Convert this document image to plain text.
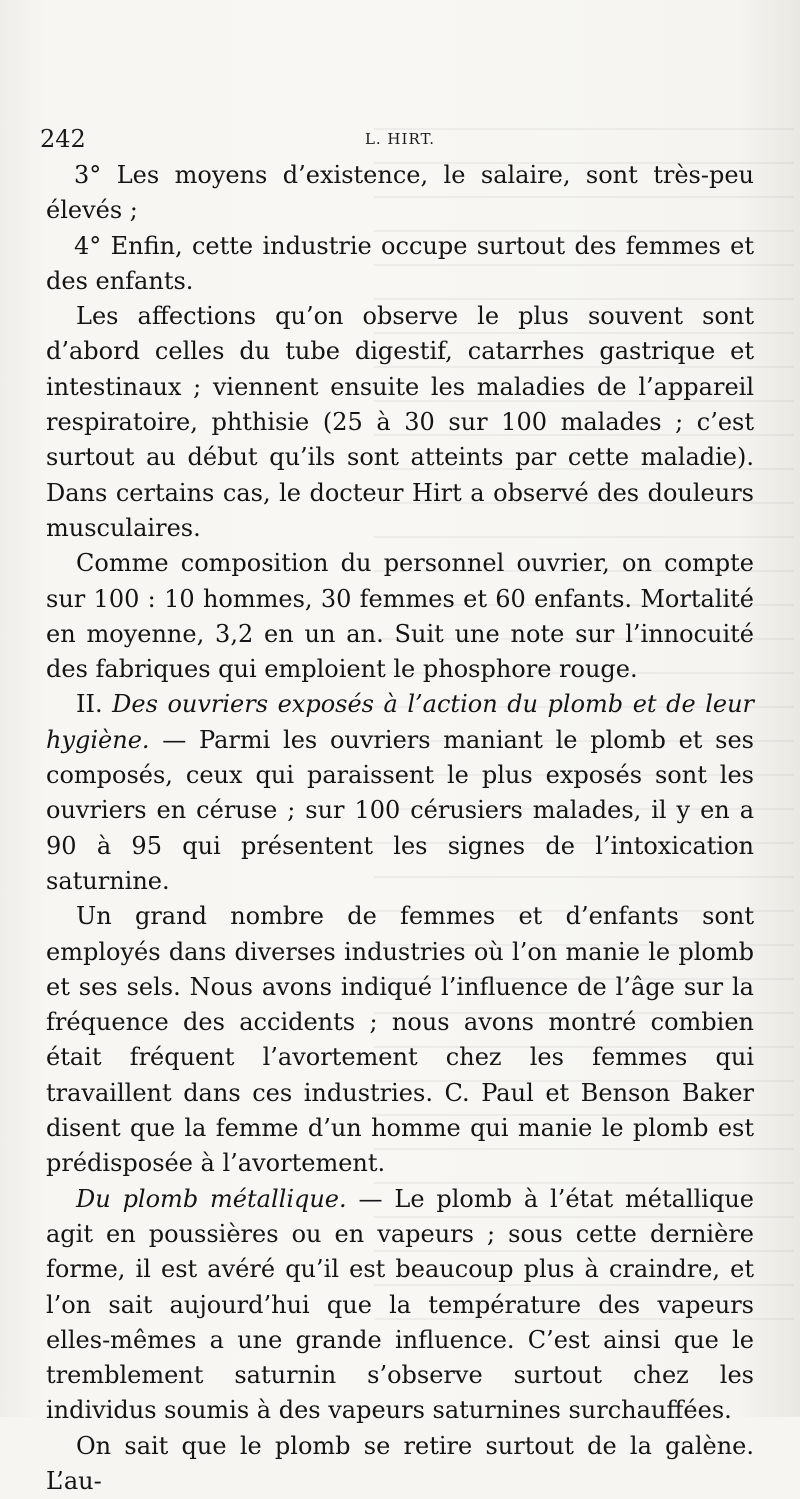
242	L. HIRT.

3° Les moyens d’existence, le salaire, sont très-peu élevés ;

4° Enfin, cette industrie occupe surtout des femmes et des enfants.

Les affections qu’on observe le plus souvent sont d’abord celles du tube digestif, catarrhes gastrique et intestinaux ; viennent ensuite les maladies de l’appareil respiratoire, phthisie (25 à 30 sur 100 malades ; c’est surtout au début qu’ils sont atteints par cette maladie). Dans certains cas, le docteur Hirt a observé des douleurs musculaires.

Comme composition du personnel ouvrier, on compte sur 100 : 10 hommes, 30 femmes et 60 enfants. Mortalité en moyenne, 3,2 en un an. Suit une note sur l’innocuité des fabriques qui emploient le phosphore rouge.

II. Des ouvriers exposés à l’action du plomb et de leur hygiène. — Parmi les ouvriers maniant le plomb et ses composés, ceux qui paraissent le plus exposés sont les ouvriers en céruse ; sur 100 cérusiers malades, il y en a 90 à 95 qui présentent les signes de l’intoxication saturnine.

Un grand nombre de femmes et d’enfants sont employés dans diverses industries où l’on manie le plomb et ses sels. Nous avons indiqué l’influence de l’âge sur la fréquence des accidents ; nous avons montré combien était fréquent l’avortement chez les femmes qui travaillent dans ces industries. C. Paul et Benson Baker disent que la femme d’un homme qui manie le plomb est prédisposée à l’avortement.

Du plomb métallique. — Le plomb à l’état métallique agit en poussières ou en vapeurs ; sous cette dernière forme, il est avéré qu’il est beaucoup plus à craindre, et l’on sait aujourd’hui que la température des vapeurs elles-mêmes a une grande influence. C’est ainsi que le tremblement saturnin s’observe surtout chez les individus soumis à des vapeurs saturnines surchauffées.

On sait que le plomb se retire surtout de la galène. L’au-
